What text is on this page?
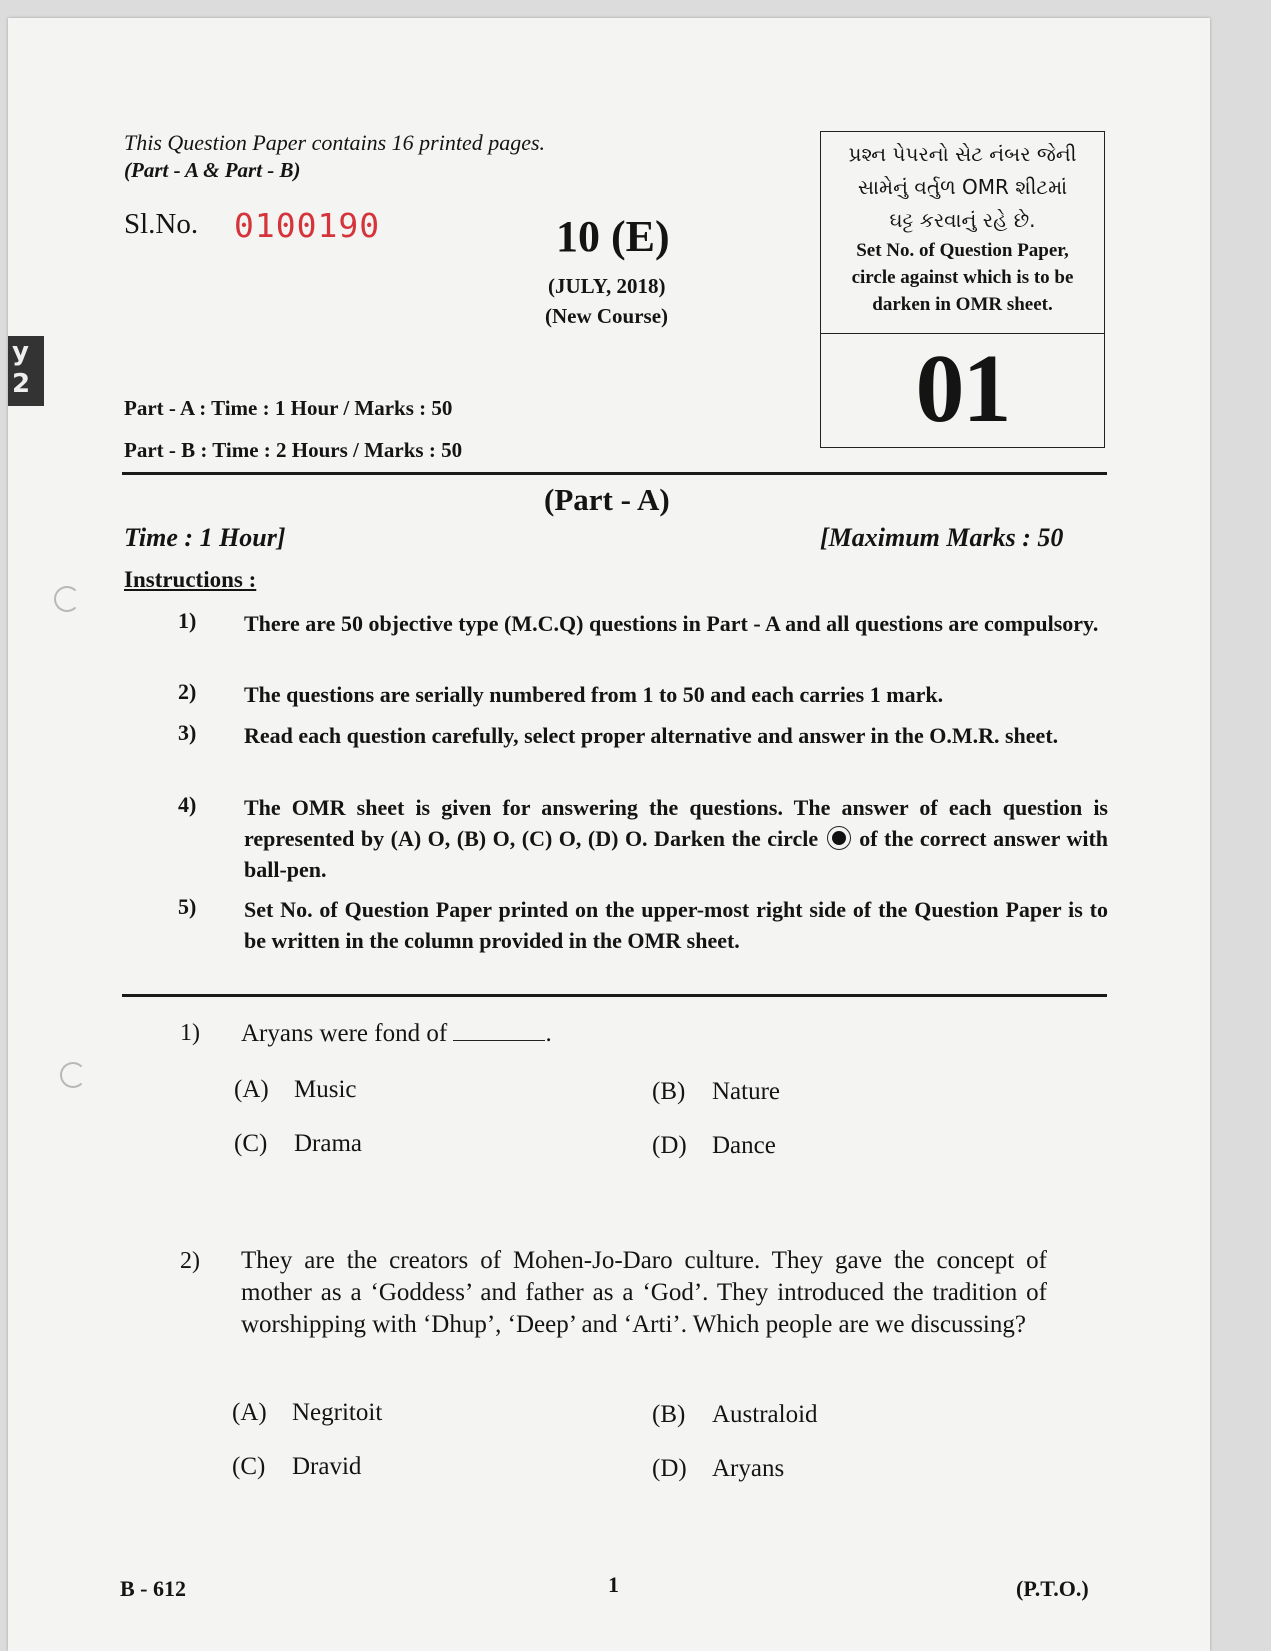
y
2
This Question Paper contains 16 printed pages.
(Part - A & Part - B)
Sl.No. 0100190	10 (E)
(JULY, 2018)
(New Course)
પ્રશ્ન પેપરનો સેટ નંબર જેની
સામેનું વર્તુળ OMR શીટમાં
ઘટ્ટ કરવાનું રહે છે.
Set No. of Question Paper,
circle against which is to be
darken in OMR sheet.
01
Part - A : Time : 1 Hour / Marks : 50
Part - B : Time : 2 Hours / Marks : 50
(Part - A)
Time : 1 Hour]	[Maximum Marks : 50
Instructions :
1)	There are 50 objective type (M.C.Q) questions in Part - A and all questions are compulsory.
2)	The questions are serially numbered from 1 to 50 and each carries 1 mark.
3)	Read each question carefully, select proper alternative and answer in the O.M.R. sheet.
4)	The OMR sheet is given for answering the questions. The answer of each question is represented by (A) O, (B) O, (C) O, (D) O. Darken the circle of the correct answer with ball-pen.
5)	Set No. of Question Paper printed on the upper-most right side of the Question Paper is to be written in the column provided in the OMR sheet.
1) Aryans were fond of	.
(A) Music	(B) Nature
(C) Drama	(D) Dance
2) They are the creators of Mohen-Jo-Daro culture. They gave the concept of mother as a ‘Goddess’ and father as a ‘God’. They introduced the tradition of worshipping with ‘Dhup’, ‘Deep’ and ‘Arti’. Which people are we discussing?
(A) Negritoit	(B) Australoid
(C) Dravid	(D) Aryans
B - 612	1	(P.T.O.)
